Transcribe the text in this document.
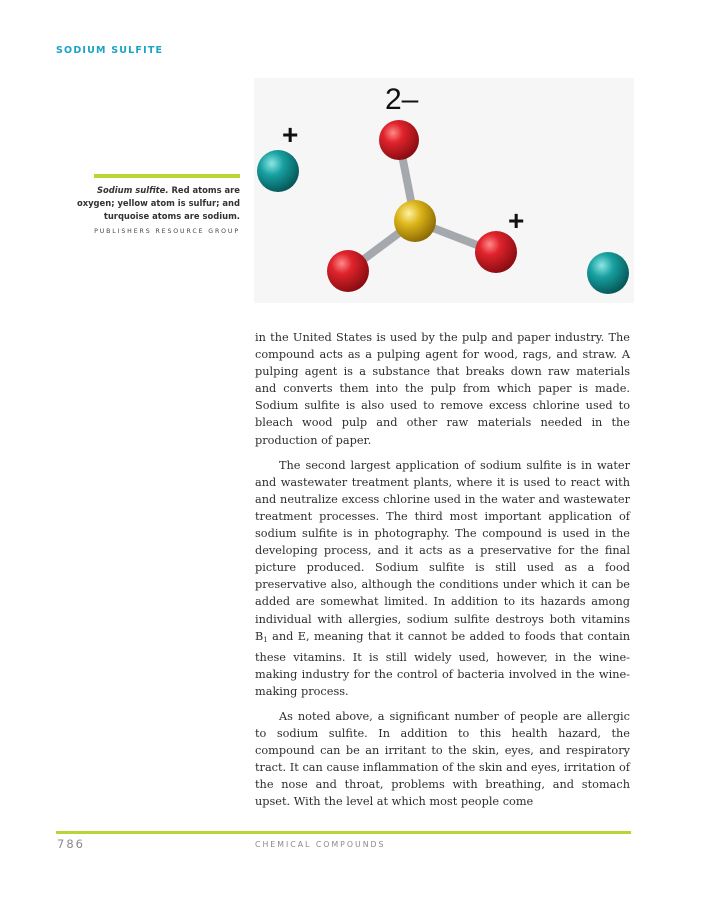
SODIUM SULFITE
2–
+
+
Sodium sulfite. Red atoms are oxygen; yellow atom is sulfur; and turquoise atoms are sodium. PUBLISHERS RESOURCE GROUP

in the United States is used by the pulp and paper industry. The compound acts as a pulping agent for wood, rags, and straw. A pulping agent is a substance that breaks down raw materials and converts them into the pulp from which paper is made. Sodium sulfite is also used to remove excess chlorine used to bleach wood pulp and other raw materials needed in the production of paper.

The second largest application of sodium sulfite is in water and wastewater treatment plants, where it is used to react with and neutralize excess chlorine used in the water and wastewater treatment processes. The third most important application of sodium sulfite is in photography. The compound is used in the developing process, and it acts as a preservative for the final picture produced. Sodium sulfite is still used as a food preservative also, although the conditions under which it can be added are somewhat limited. In addition to its hazards among individual with allergies, sodium sulfite destroys both vitamins $B_1$ and E, meaning that it cannot be added to foods that contain these vitamins. It is still widely used, however, in the wine-making industry for the control of bacteria involved in the wine-making process.

As noted above, a significant number of people are allergic to sodium sulfite. In addition to this health hazard, the compound can be an irritant to the skin, eyes, and respiratory tract. It can cause inflammation of the skin and eyes, irritation of the nose and throat, problems with breathing, and stomach upset. With the level at which most people come

786	CHEMICAL COMPOUNDS
